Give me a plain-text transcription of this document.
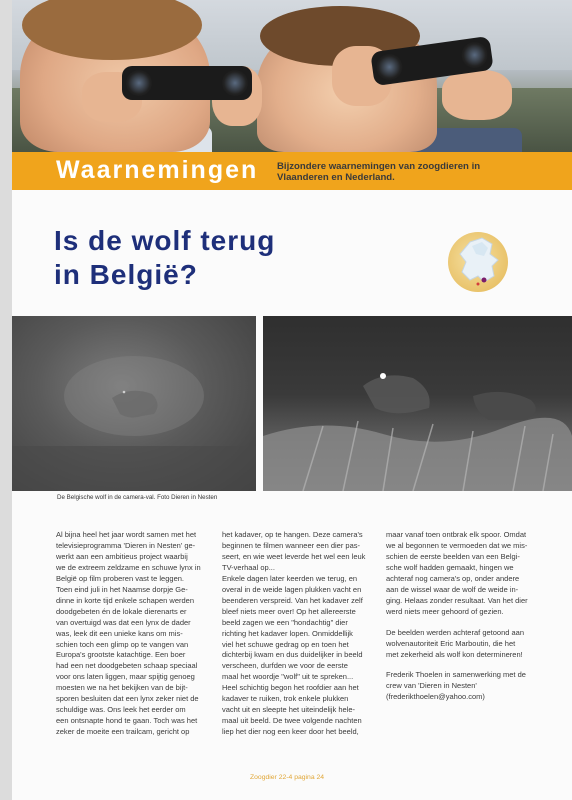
Waarnemingen Bijzondere waarnemingen van zoogdieren in Vlaanderen en Nederland.
Is de wolf terug
in België?
De Belgische wolf in de camera-val. Foto Dieren in Nesten

Al bijna heel het jaar wordt samen met het

televisieprogramma 'Dieren in Nesten' ge-

werkt aan een ambitieus project waarbij

we de extreem zeldzame en schuwe lynx in

België op film proberen vast te leggen.

Toen eind juli in het Naamse dorpje Ge-

dinne in korte tijd enkele schapen werden

doodgebeten én de lokale dierenarts er

van overtuigd was dat een lynx de dader

was, leek dit een unieke kans om mis-

schien toch een glimp op te vangen van

Europa's grootste katachtige. Een boer

had een net doodgebeten schaap speciaal

voor ons laten liggen, maar spijtig genoeg

moesten we na het bekijken van de bijt-

sporen besluiten dat een lynx zeker niet de

schuldige was. Ons leek het eerder om

een ontsnapte hond te gaan. Toch was het

zeker de moeite een trailcam, gericht op

het kadaver, op te hangen. Deze camera's

beginnen te filmen wanneer een dier pas-

seert, en wie weet leverde het wel een leuk

TV-verhaal op...

Enkele dagen later keerden we terug, en

overal in de weide lagen plukken vacht en

beenderen verspreid. Van het kadaver zelf

bleef niets meer over! Op het allereerste

beeld zagen we een "hondachtig" dier

richting het kadaver lopen. Onmiddellijk

viel het schuwe gedrag op en toen het

dichterbij kwam en dus duidelijker in beeld

verscheen, durfden we voor de eerste

maal het woordje "wolf" uit te spreken...

Heel schichtig begon het roofdier aan het

kadaver te ruiken, trok enkele plukken

vacht uit en sleepte het uiteindelijk hele-

maal uit beeld. De twee volgende nachten

liep het dier nog een keer door het beeld,

maar vanaf toen ontbrak elk spoor. Omdat

we al begonnen te vermoeden dat we mis-

schien de eerste beelden van een Belgi-

sche wolf hadden gemaakt, hingen we

achteraf nog camera's op, onder andere

aan de wissel waar de wolf de weide in-

ging. Helaas zonder resultaat. Van het dier

werd niets meer gehoord of gezien.

De beelden werden achteraf getoond aan

wolvenautoriteit Eric Marboutin, die het

met zekerheid als wolf kon determineren!

Frederik Thoelen in samenwerking met de

crew van 'Dieren in Nesten'

(frederikthoelen@yahoo.com)

Zoogdier 22-4 pagina 24
